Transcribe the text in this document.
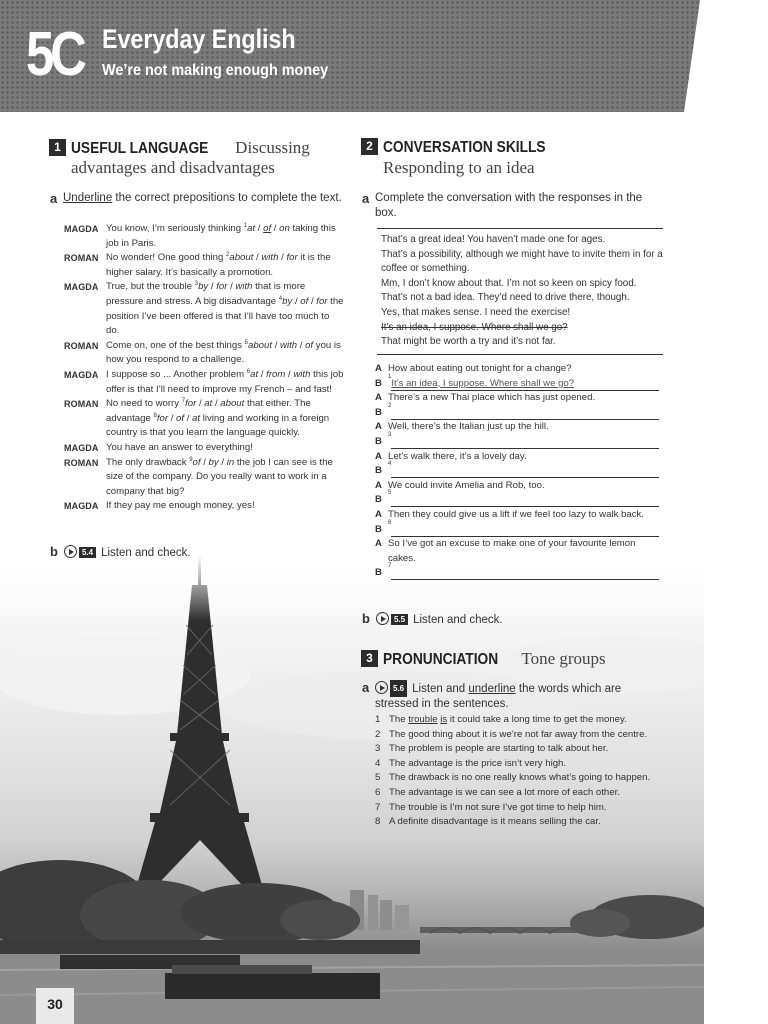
5C Everyday English
We’re not making enough money
30
1 USEFUL LANGUAGE Discussing
advantages and disadvantages
a Underline the correct prepositions to complete the text.
MAGDA You know, I’m seriously thinking $^1$at / of / on taking this job in Paris.
ROMAN No wonder! One good thing $^2$about / with / for it is the higher salary. It’s basically a promotion.
MAGDA True, but the trouble $^3$by / for / with that is more pressure and stress. A big disadvantage $^4$by / of / for the position I’ve been offered is that I’ll have too much to do.
ROMAN Come on, one of the best things $^5$about / with / of you is how you respond to a challenge.
MAGDA I suppose so ... Another problem $^6$at / from / with this job offer is that I’ll need to improve my French – and fast!
ROMAN No need to worry $^7$for / at / about that either. The advantage $^8$for / of / at living and working in a foreign country is that you learn the language quickly.
MAGDA You have an answer to everything!
ROMAN The only drawback $^9$of / by / in the job I can see is the size of the company. Do you really want to work in a company that big?
MAGDA If they pay me enough money, yes!
b	5.4 Listen and check.
2 CONVERSATION SKILLS
Responding to an idea
a Complete the conversation with the responses in the box.
That’s a great idea! You haven’t made one for ages.
That’s a possibility, although we might have to invite them in for a coffee or something.
Mm, I don’t know about that. I’m not so keen on spicy food.
That’s not a bad idea. They’d need to drive there, though.
Yes, that makes sense. I need the exercise!
It’s an idea, I suppose. Where shall we go?
That might be worth a try and it’s not far.
A How about eating out tonight for a change?
B
1
It’s an idea, I suppose. Where shall we go?
A There’s a new Thai place which has just opened.
B
2
A Well, there’s the Italian just up the hill.
B
3
A Let’s walk there, it’s a lovely day.
B
4
A We could invite Amelia and Rob, too.
B
5
A Then they could give us a lift if we feel too lazy to walk back.
B
6
A So I’ve got an excuse to make one of your favourite lemon cakes.
B
7
b	5.5 Listen and check.
3 PRONUNCIATION Tone groups
a	5.6 Listen and underline the words which are stressed in the sentences.
1 The trouble is it could take a long time to get the money.
2 The good thing about it is we’re not far away from the centre.
3 The problem is people are starting to talk about her.
4 The advantage is the price isn’t very high.
5 The drawback is no one really knows what’s going to happen.
6 The advantage is we can see a lot more of each other.
7 The trouble is I’m not sure I’ve got time to help him.
8 A definite disadvantage is it means selling the car.
